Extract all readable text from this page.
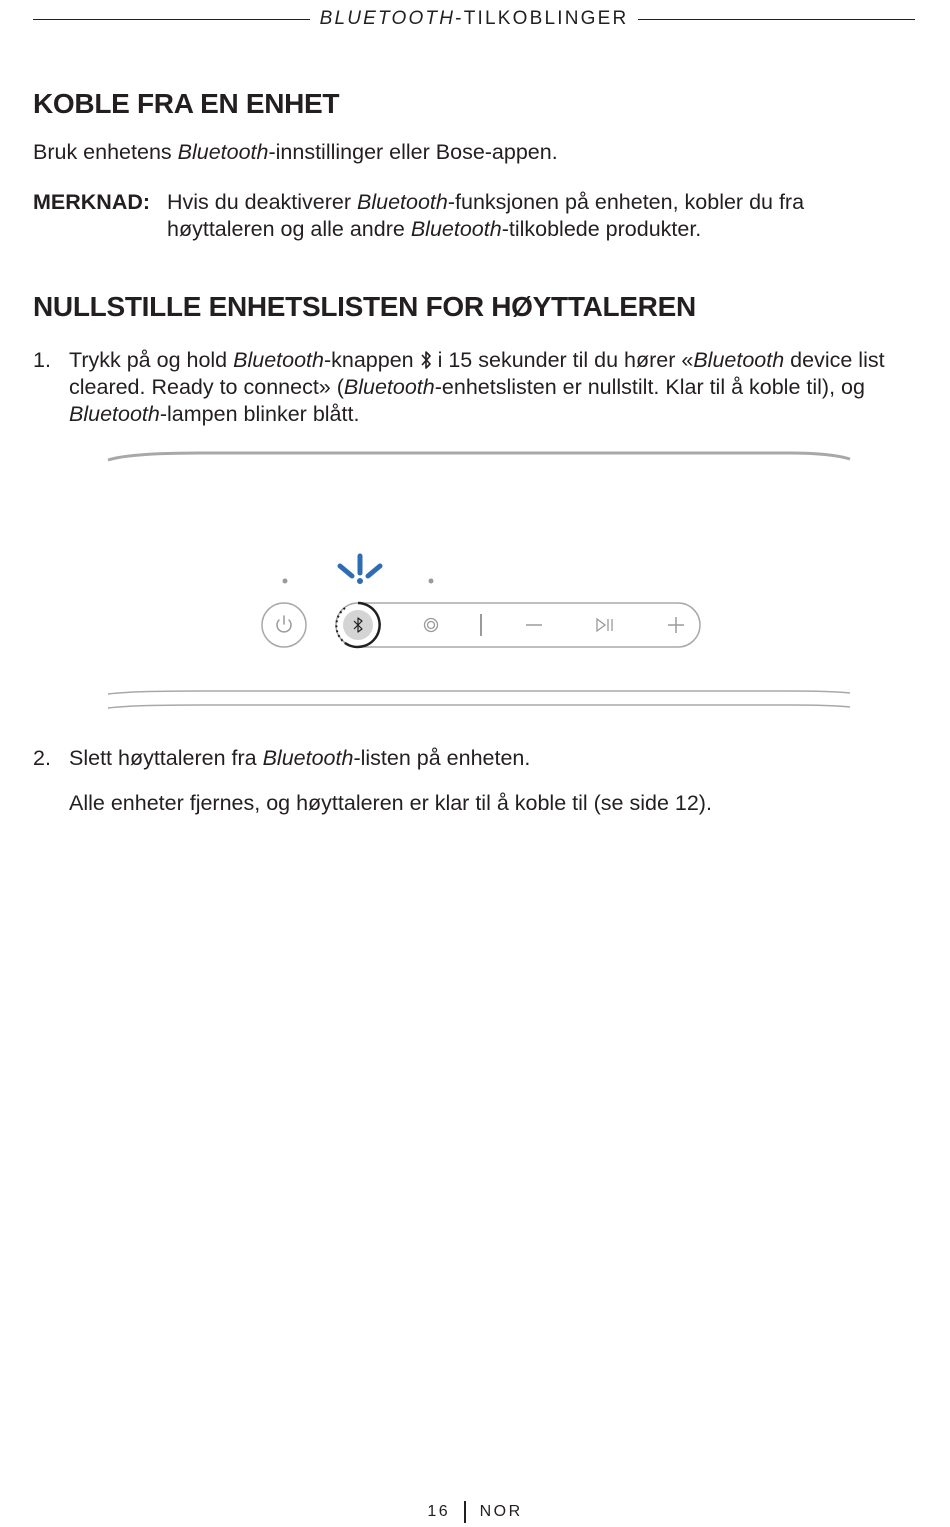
BLUETOOTH-TILKOBLINGER
KOBLE FRA EN ENHET

Bruk enhetens Bluetooth-innstillinger eller Bose-appen.

MERKNAD: Hvis du deaktiverer Bluetooth-funksjonen på enheten, kobler du fra høyttaleren og alle andre Bluetooth-tilkoblede produkter.
NULLSTILLE ENHETSLISTEN FOR HØYTTALEREN
1. Trykk på og hold Bluetooth-knappen  i 15 sekunder til du hører «Bluetooth device list cleared. Ready to connect» (Bluetooth-enhetslisten er nullstilt. Klar til å koble til), og Bluetooth-lampen blinker blått.
2. Slett høyttaleren fra Bluetooth-listen på enheten.
Alle enheter fjernes, og høyttaleren er klar til å koble til (se side 12).
16 NOR
